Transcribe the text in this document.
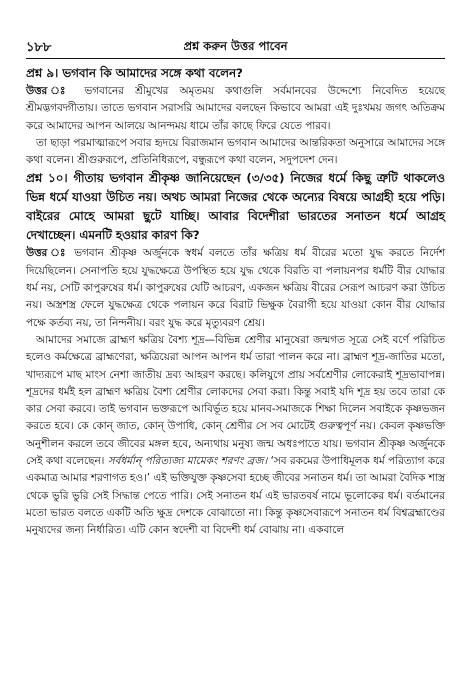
১৮৮	প্রশ্ন করুন উত্তর পাবেন

প্রশ্ন ৯। ভগবান কি আমাদের সঙ্গে কথা বলেন?

উত্তর ঃ ভগবানের শ্রীমুখের অমৃতময় কথাগুলি সর্বমানবের উদ্দেশ্যে নিবেদিত হয়েছে শ্রীমদ্ভগবদ্গীতায়। তাতে ভগবান সরাসরি আমাদের বলছেন কিভাবে আমরা এই দুঃখময় জগৎ অতিক্রম করে আমাদের আপন আলয়ে আনন্দময় ধামে তাঁর কাছে ফিরে যেতে পারব।

তা ছাড়া পরমাত্মারূপে সবার হৃদয়ে বিরাজমান ভগবান আমাদের আন্তরিকতা অনুসারে আমাদের সঙ্গে কথা বলেন। শ্রীগুরুরূপে, প্রতিনিধিরূপে, বন্ধুরূপে কথা বলেন, সদুপদেশ দেন।

প্রশ্ন ১০। গীতায় ভগবান শ্রীকৃষ্ণ জানিয়েছেন (৩/৩৫) নিজের ধর্মে কিছু ত্রুটি থাকলেও ভিন্ন ধর্মে যাওয়া উচিত নয়। অথচ আমরা নিজের থেকে অন্যের বিষয়ে আগ্রহী হয়ে পড়ি। বাইরের মোহে আমরা ছুটে যাচ্ছি। আবার বিদেশীরা ভারতের সনাতন ধর্মে আগ্রহ দেখাচ্ছেন। এমনটি হওয়ার কারণ কি?

উত্তর ঃ ভগবান শ্রীকৃষ্ণ অর্জুনকে স্বধর্ম বলতে তাঁর ক্ষত্রিয় ধর্ম বীরের মতো যুদ্ধ করতে নির্দেশ দিয়েছিলেন। সেনাপতি হয়ে যুদ্ধক্ষেত্রে উপস্থিত হয়ে যুদ্ধ থেকে বিরতি বা পলায়নপর ধর্মটি বীর যোদ্ধার ধর্ম নয়, সেটি কাপুরুষের ধর্ম। কাপুরুষের যেটি আচরণ, একজন ক্ষত্রিয় বীরের সেরূপ আচরণ করা উচিত নয়। অস্ত্রশস্ত্র ফেলে যুদ্ধক্ষেত্র থেকে পলায়ন করে বিরাট ভিক্ষুক বৈরাগী হয়ে যাওয়া কোন বীর যোদ্ধার পক্ষে কর্তব্য নয়, তা নিন্দনীয়। বরং যুদ্ধ করে মৃত্যুবরণ শ্রেয়।

আমাদের সমাজে ব্রাহ্মণ ক্ষত্রিয় বৈশ্য শূদ্র—বিভিন্ন শ্রেণীর মানুষেরা জন্মগত সূত্রে সেই বর্ণে পরিচিত হলেও কর্মক্ষেত্রে ব্রাহ্মণেরা, ক্ষত্রিয়েরা আপন আপন ধর্ম তারা পালন করে না। ব্রাহ্মণ শূদ্র-জাতির মতো, খাদ্যরূপে মাছ মাংস নেশা জাতীয় দ্রব্য আহরণ করছে। কলিযুগে প্রায় সর্বশ্রেণীর লোকেরাই শূদ্রভাবাপন্ন। শূদ্রদের ধর্মই হল ব্রাহ্মণ ক্ষত্রিয় বৈশ্য শ্রেণীর লোকদের সেবা করা। কিন্তু সবাই যদি শূদ্র হয় তবে তারা কে কার সেবা করবে। তাই ভগবান ভক্তরূপে আবির্ভূত হয়ে মানব-সমাজকে শিক্ষা দিলেন সবাইকে কৃষ্ণভজন করতে হবে। কে কোন্ জাত, কোন্ উপাধি, কোন্ শ্রেণীর সে সব মোটেই গুরুত্বপূর্ণ নয়। কেবল কৃষ্ণভক্তি অনুশীলন করলে তবে জীবের মঙ্গল হবে, অন্যথায় মনুষ্য জন্ম অধঃপাতে যায়। ভগবান শ্রীকৃষ্ণ অর্জুনকে সেই কথা বলেছেন। সর্বধর্মান্ পরিত্যজ্য মামেকং শরণং ব্রজ। ‘সব রকমের উপাধিমূলক ধর্ম পরিত্যাগ করে একমাত্র আমার শরণাগত হও।’ এই ভক্তিযুক্ত কৃষ্ণসেবা হচ্ছে জীবের সনাতন ধর্ম। তা আমরা বৈদিক শাস্ত্র থেকে ভুরি ভুরি সেই সিদ্ধান্ত পেতে পারি। সেই সনাতন ধর্ম এই ভারতবর্ষ নামে ভূলোকের ধর্ম। বর্তমানের মতো ভারত বলতে একটি অতি ক্ষুদ্র দেশকে বোঝাতো না। কিন্তু কৃষ্ণসেবারূপে সনাতন ধর্ম বিশ্বব্রহ্মাণ্ডের মনুষ্যদের জন্য নির্ধারিত। এটি কোন স্বদেশী বা বিদেশী ধর্ম বোঝায় না। একবালে
